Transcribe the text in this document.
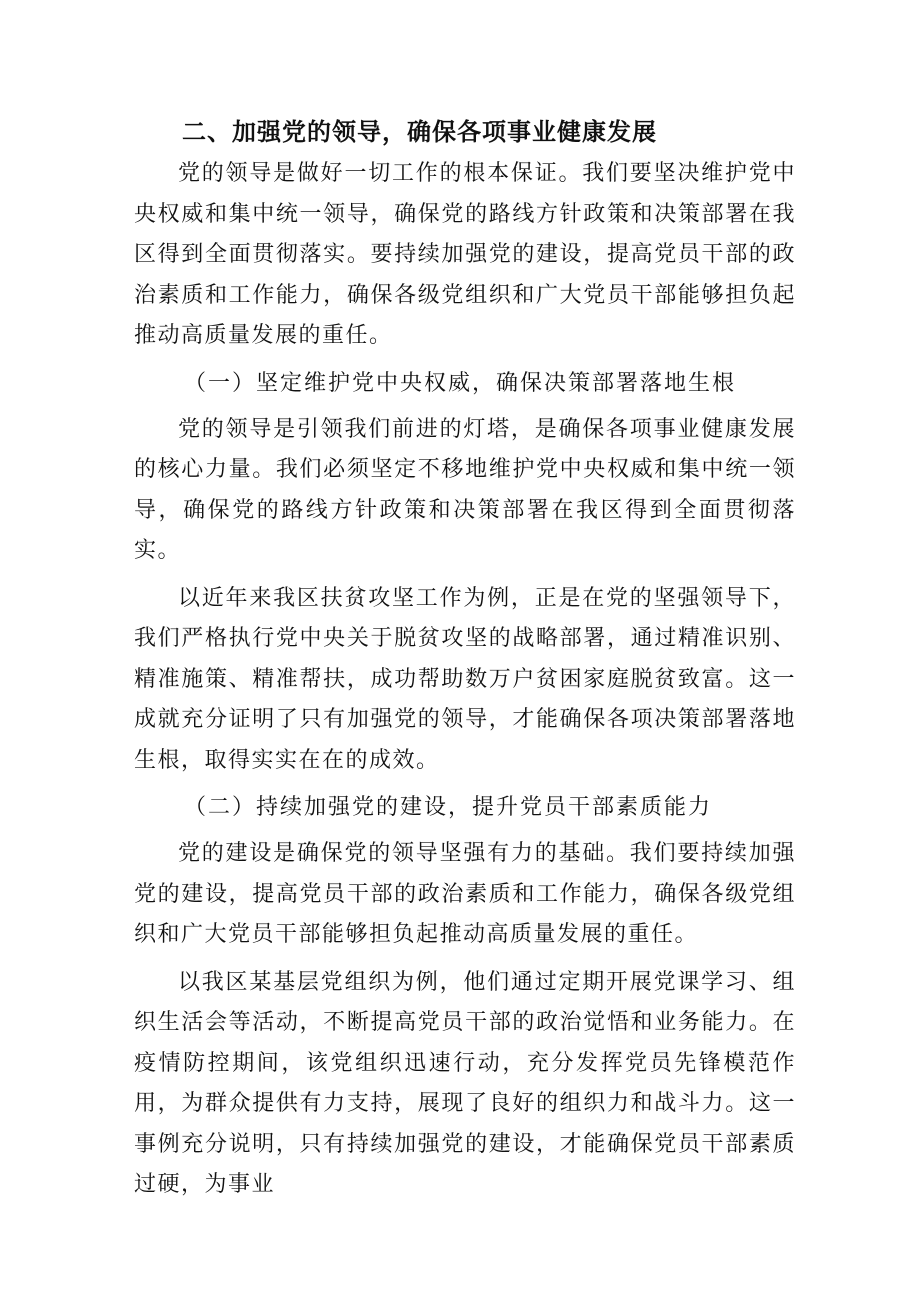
二、加强党的领导，确保各项事业健康发展

党的领导是做好一切工作的根本保证。我们要坚决维护党中央权威和集中统一领导，确保党的路线方针政策和决策部署在我区得到全面贯彻落实。要持续加强党的建设，提高党员干部的政治素质和工作能力，确保各级党组织和广大党员干部能够担负起推动高质量发展的重任。

（一）坚定维护党中央权威，确保决策部署落地生根

党的领导是引领我们前进的灯塔，是确保各项事业健康发展的核心力量。我们必须坚定不移地维护党中央权威和集中统一领导，确保党的路线方针政策和决策部署在我区得到全面贯彻落实。

以近年来我区扶贫攻坚工作为例，正是在党的坚强领导下，我们严格执行党中央关于脱贫攻坚的战略部署，通过精准识别、精准施策、精准帮扶，成功帮助数万户贫困家庭脱贫致富。这一成就充分证明了只有加强党的领导，才能确保各项决策部署落地生根，取得实实在在的成效。

（二）持续加强党的建设，提升党员干部素质能力

党的建设是确保党的领导坚强有力的基础。我们要持续加强党的建设，提高党员干部的政治素质和工作能力，确保各级党组织和广大党员干部能够担负起推动高质量发展的重任。

以我区某基层党组织为例，他们通过定期开展党课学习、组织生活会等活动，不断提高党员干部的政治觉悟和业务能力。在疫情防控期间，该党组织迅速行动，充分发挥党员先锋模范作用，为群众提供有力支持，展现了良好的组织力和战斗力。这一事例充分说明，只有持续加强党的建设，才能确保党员干部素质过硬，为事业
